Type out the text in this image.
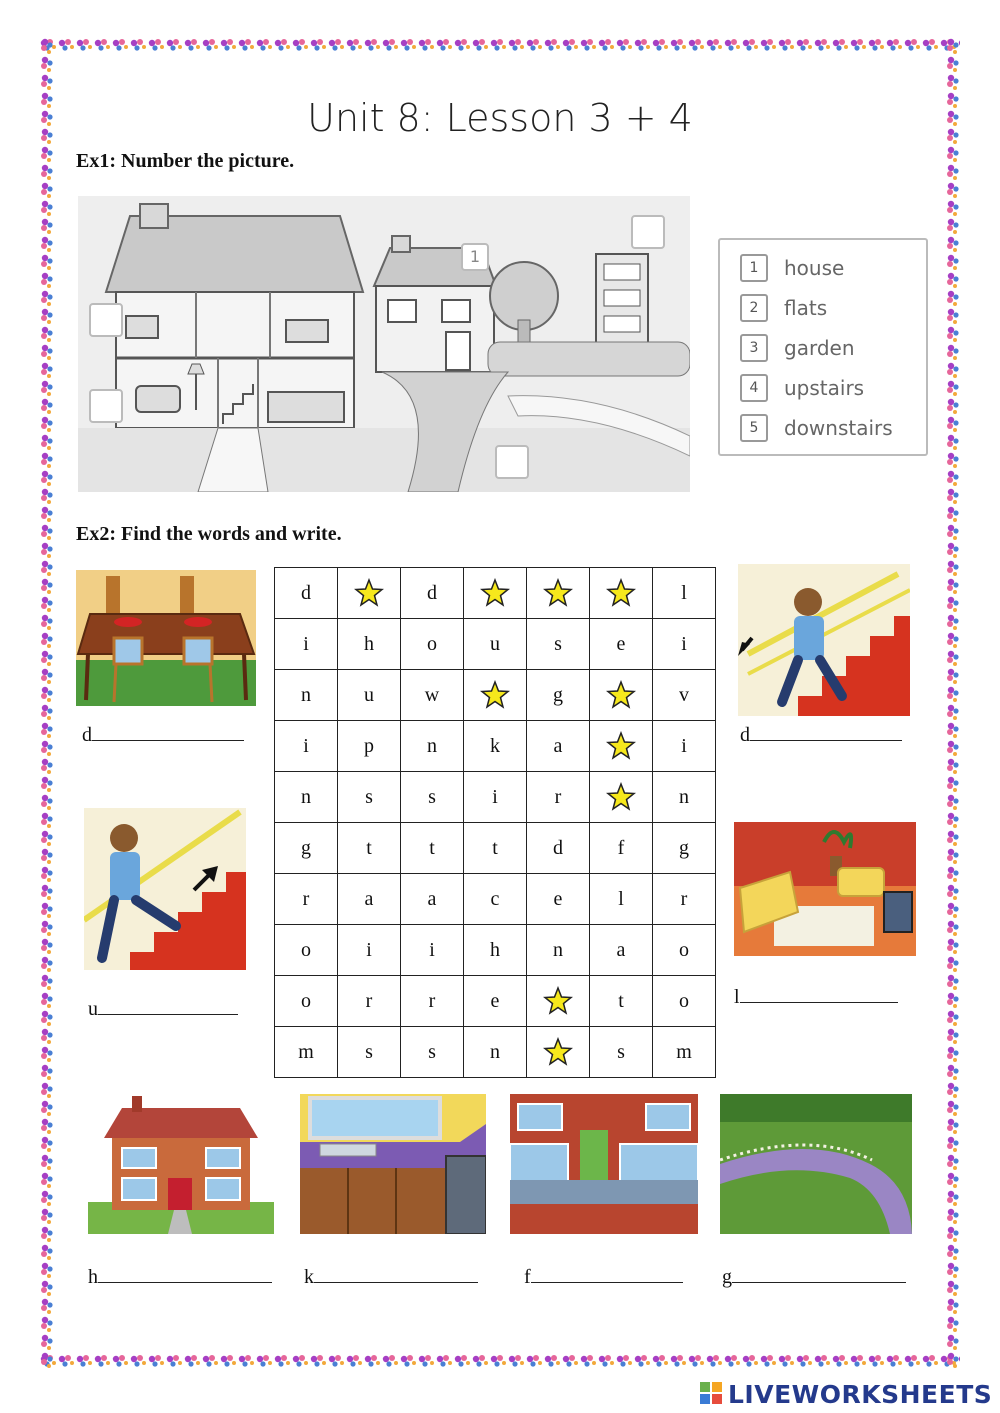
Unit 8: Lesson 3 + 4
Ex1: Number the picture.
1
1	house
2	flats
3	garden
4	upstairs
5	downstairs
Ex2: Find the words and write.
d	d
u
l
d		d				l
i	h	o	u	s	e	i
n	u	w		g		v
i	p	n	k	a		i
n	s	s	i	r		n
g	t	t	t	d	f	g
r	a	a	c	e	l	r
o	i	i	h	n	a	o
o	r	r	e		t	o
m	s	s	n		s	m
h	k	f	g
LIVEWORKSHEETS
